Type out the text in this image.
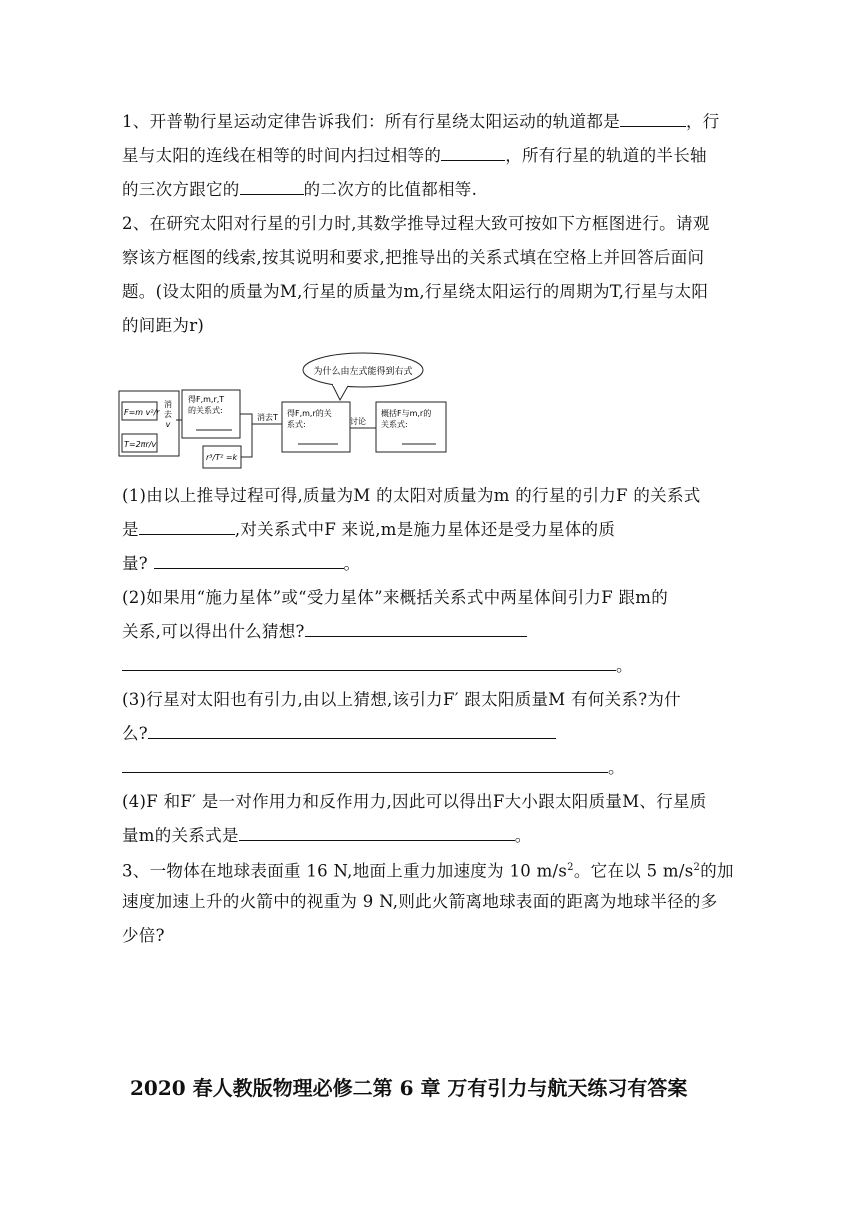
1、开普勒行星运动定律告诉我们：所有行星绕太阳运动的轨道都是	，行
星与太阳的连线在相等的时间内扫过相等的	，所有行星的轨道的半长轴
的三次方跟它的	的二次方的比值都相等.
2、在研究太阳对行星的引力时,其数学推导过程大致可按如下方框图进行。请观
察该方框图的线索,按其说明和要求,把推导出的关系式填在空格上并回答后面问
题。(设太阳的质量为M,行星的质量为m,行星绕太阳运行的周期为T,行星与太阳
的间距为r)
为什么由左式能得到右式
F=m v²/r
T=2πr/v
消
去
v
得F,m,r,T
的关系式:
r³/T² =k
消去T 得F,m,r的关
系式:	讨论
概括F与m,r的
关系式:
(1)由以上推导过程可得,质量为M 的太阳对质量为m 的行星的引力F 的关系式
是	,对关系式中F 来说,m是施力星体还是受力星体的质
量?	。
(2)如果用“施力星体”或“受力星体”来概括关系式中两星体间引力F 跟m的
关系,可以得出什么猜想?
。
(3)行星对太阳也有引力,由以上猜想,该引力F′ 跟太阳质量M 有何关系?为什
么?
。
(4)F 和F′ 是一对作用力和反作用力,因此可以得出F大小跟太阳质量M、行星质
量m的关系式是	。
3、一物体在地球表面重 16 N,地面上重力加速度为 10 $m/s^2$。它在以 5 $m/s^2$的加
速度加速上升的火箭中的视重为 9 N,则此火箭离地球表面的距离为地球半径的多
少倍?
2020 春人教版物理必修二第 6 章 万有引力与航天练习有答案
